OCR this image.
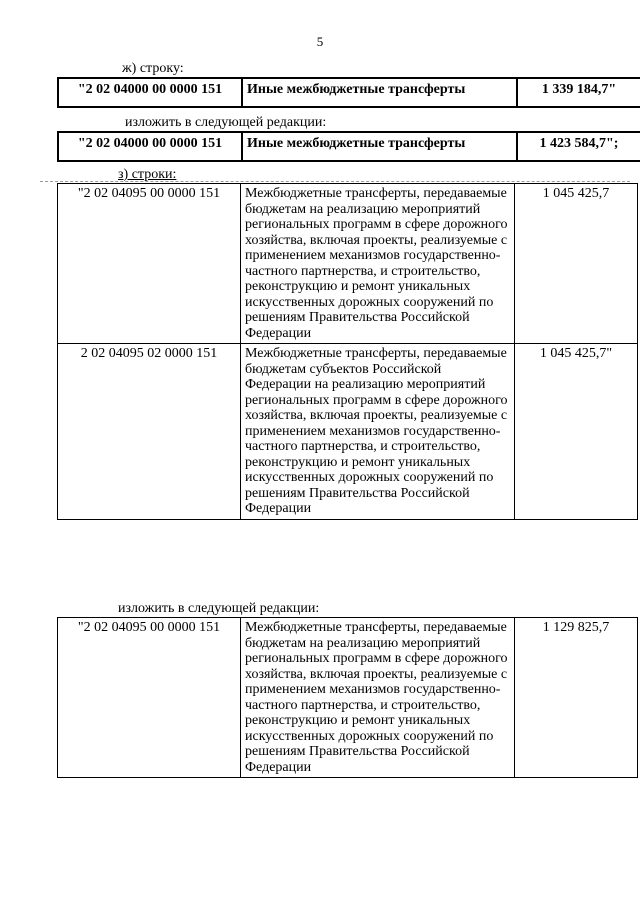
5
ж) строку:
"2 02 04000 00 0000 151	Иные межбюджетные трансферты	1 339 184,7"
изложить в следующей редакции:
"2 02 04000 00 0000 151	Иные межбюджетные трансферты	1 423 584,7";
з) строки:
"2 02 04095 00 0000 151	Межбюджетные трансферты, передаваемые бюджетам на реализацию мероприятий региональных программ в сфере дорожного хозяйства, включая проекты, реализуемые с применением механизмов государственно-частного партнерства, и строительство, реконструкцию и ремонт уникальных искусственных дорожных сооружений по решениям Правительства Российской Федерации	1 045 425,7
2 02 04095 02 0000 151	Межбюджетные трансферты, передаваемые бюджетам субъектов Российской Федерации на реализацию мероприятий региональных программ в сфере дорожного хозяйства, включая проекты, реализуемые с применением механизмов государственно-частного партнерства, и строительство, реконструкцию и ремонт уникальных искусственных дорожных сооружений по решениям Правительства Российской Федерации	1 045 425,7"
изложить в следующей редакции:
"2 02 04095 00 0000 151	Межбюджетные трансферты, передаваемые бюджетам на реализацию мероприятий региональных программ в сфере дорожного хозяйства, включая проекты, реализуемые с применением механизмов государственно-частного партнерства, и строительство, реконструкцию и ремонт уникальных искусственных дорожных сооружений по решениям Правительства Российской Федерации	1 129 825,7
